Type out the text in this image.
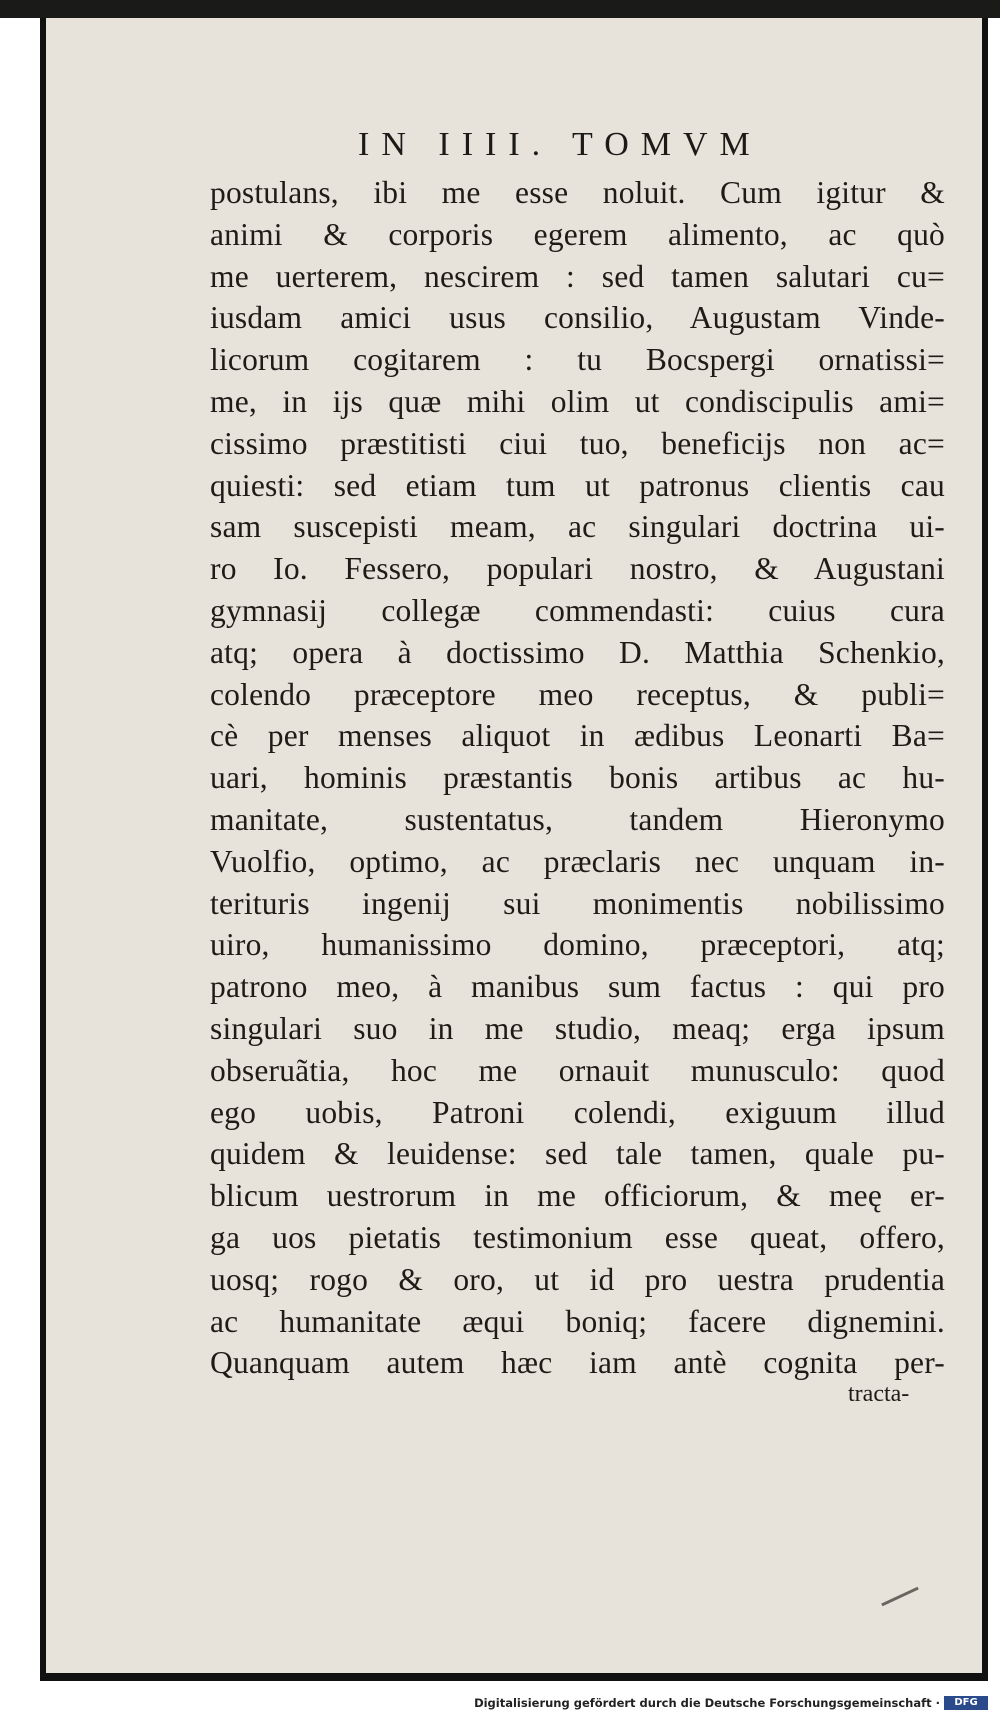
IN IIII. TOMVM
postulans, ibi me esse noluit. Cum igitur &
animi & corporis egerem alimento, ac quò
me uerterem, nescirem : sed tamen salutari cu=
iusdam amici usus consilio, Augustam Vinde-
licorum cogitarem : tu Bocspergi ornatissi=
me, in ijs quæ mihi olim ut condiscipulis ami=
cissimo præstitisti ciui tuo, beneficijs non ac=
quiesti: sed etiam tum ut patronus clientis cau
sam suscepisti meam, ac singulari doctrina ui-
ro Io. Fessero, populari nostro, & Augustani
gymnasij collegæ commendasti: cuius cura
atq; opera à doctissimo D. Matthia Schenkio,
colendo præceptore meo receptus, & publi=
cè per menses aliquot in ædibus Leonarti Ba=
uari, hominis præstantis bonis artibus ac hu-
manitate, sustentatus, tandem Hieronymo
Vuolfio, optimo, ac præclaris nec unquam in-
terituris ingenij sui monimentis nobilissimo
uiro, humanissimo domino, præceptori, atq;
patrono meo, à manibus sum factus : qui pro
singulari suo in me studio, meaq; erga ipsum
obseruãtia, hoc me ornauit munusculo: quod
ego uobis, Patroni colendi, exiguum illud
quidem & leuidense: sed tale tamen, quale pu-
blicum uestrorum in me officiorum, & meę er-
ga uos pietatis testimonium esse queat, offero,
uosq; rogo & oro, ut id pro uestra prudentia
ac humanitate æqui boniq; facere dignemini.
Quanquam autem hæc iam antè cognita per-
tracta-
Digitalisierung gefördert durch die Deutsche Forschungsgemeinschaft ·	DFG
